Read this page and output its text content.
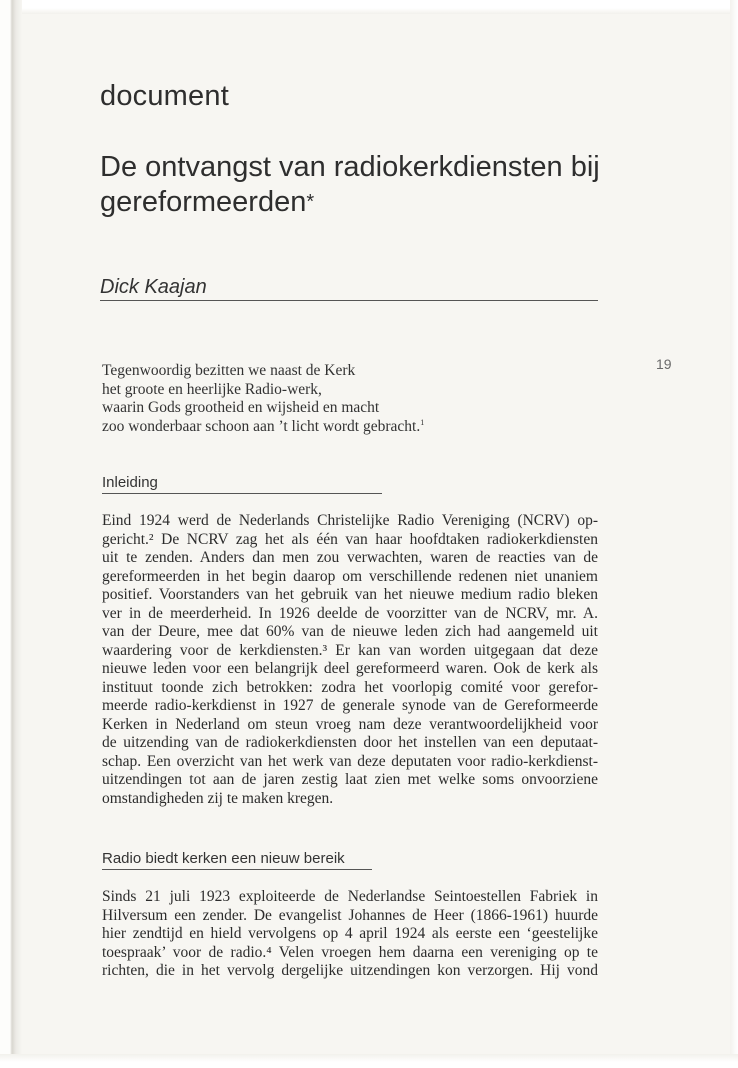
document
De ontvangst van radiokerkdiensten bij gereformeerden*
Dick Kaajan
19
Tegenwoordig bezitten we naast de Kerk
het groote en heerlijke Radio-werk,
waarin Gods grootheid en wijsheid en macht
zoo wonderbaar schoon aan ’t licht wordt gebracht.$^1$
Inleiding
Eind 1924 werd de Nederlands Christelijke Radio Vereniging (NCRV) op-
gericht.² De NCRV zag het als één van haar hoofdtaken radiokerkdiensten
uit te zenden. Anders dan men zou verwachten, waren de reacties van de
gereformeerden in het begin daarop om verschillende redenen niet unaniem
positief. Voorstanders van het gebruik van het nieuwe medium radio bleken
ver in de meerderheid. In 1926 deelde de voorzitter van de NCRV, mr. A.
van der Deure, mee dat 60% van de nieuwe leden zich had aangemeld uit
waardering voor de kerkdiensten.³ Er kan van worden uitgegaan dat deze
nieuwe leden voor een belangrijk deel gereformeerd waren. Ook de kerk als
instituut toonde zich betrokken: zodra het voorlopig comité voor gerefor-
meerde radio-kerkdienst in 1927 de generale synode van de Gereformeerde
Kerken in Nederland om steun vroeg nam deze verantwoordelijkheid voor
de uitzending van de radiokerkdiensten door het instellen van een deputaat-
schap. Een overzicht van het werk van deze deputaten voor radio-kerkdienst-
uitzendingen tot aan de jaren zestig laat zien met welke soms onvoorziene
omstandigheden zij te maken kregen.
Radio biedt kerken een nieuw bereik
Sinds 21 juli 1923 exploiteerde de Nederlandse Seintoestellen Fabriek in
Hilversum een zender. De evangelist Johannes de Heer (1866-1961) huurde
hier zendtijd en hield vervolgens op 4 april 1924 als eerste een ‘geestelijke
toespraak’ voor de radio.⁴ Velen vroegen hem daarna een vereniging op te
richten, die in het vervolg dergelijke uitzendingen kon verzorgen. Hij vond
